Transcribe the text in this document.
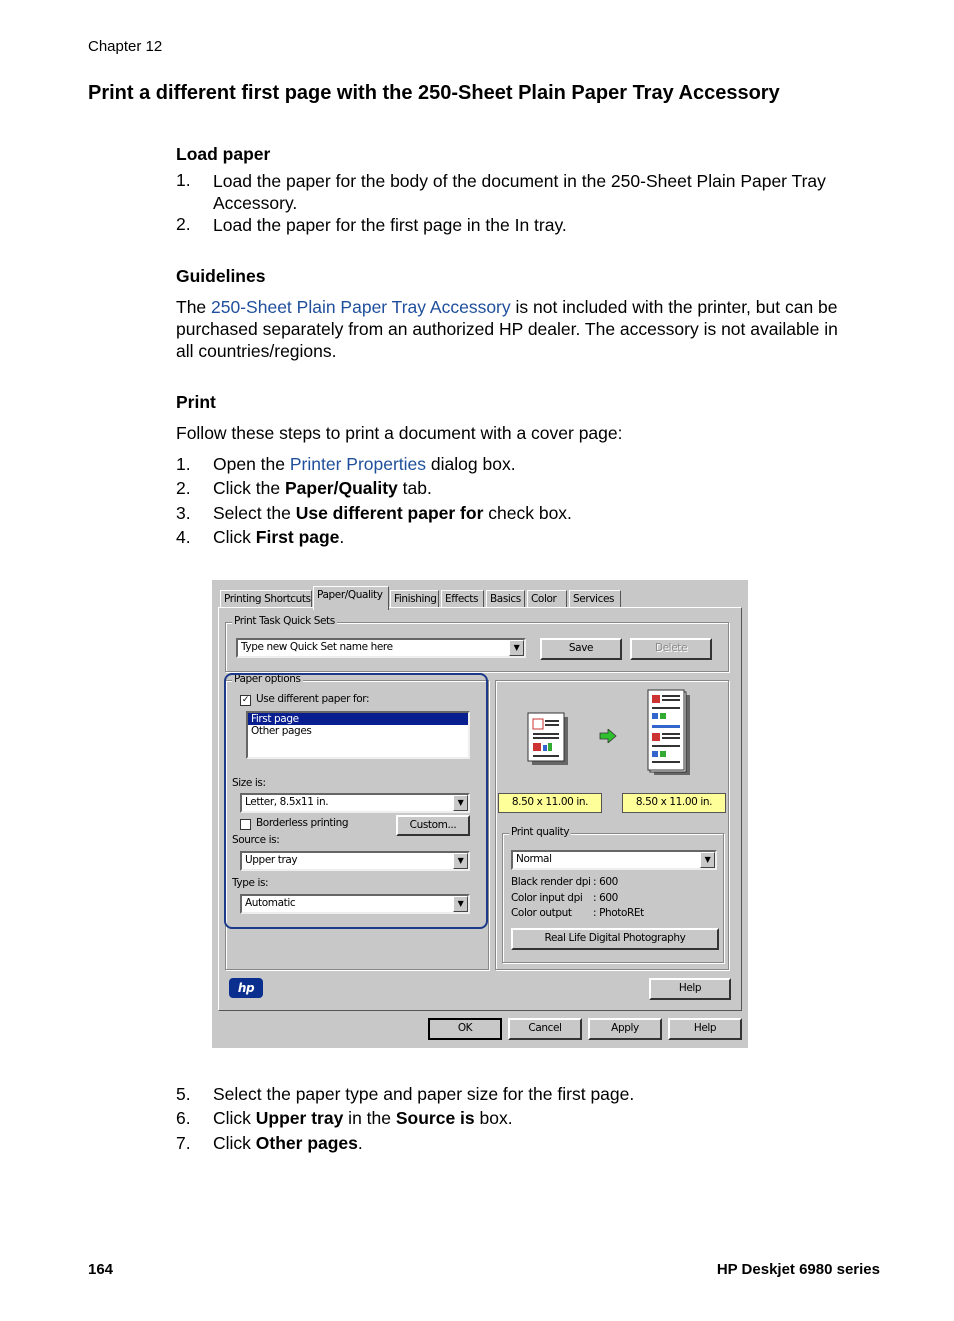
Chapter 12
Print a different first page with the 250-Sheet Plain Paper Tray Accessory
Load paper
1. Load the paper for the body of the document in the 250-Sheet Plain Paper Tray
Accessory.
2. Load the paper for the first page in the In tray.
Guidelines
The 250-Sheet Plain Paper Tray Accessory is not included with the printer, but can be
purchased separately from an authorized HP dealer. The accessory is not available in
all countries/regions.
Print
Follow these steps to print a document with a cover page:
1. Open the Printer Properties dialog box.
2. Click the Paper/Quality tab.
3. Select the Use different paper for check box.
4. Click First page.
Printing Shortcuts Paper/Quality	Finishing Effects	Basics Color	Services
Print Task Quick Sets
Type new Quick Set name here	▼	Save	Delete
Paper options
✓ Use different paper for:
First page
Other pages
Size is:
Letter, 8.5x11 in.	▼
Borderless printing	Custom...
Source is:
Upper tray	▼
Type is:
Automatic	▼
8.50 x 11.00 in.	8.50 x 11.00 in.
Print quality
Normal	▼
Black render dpi : 600
Color input dpi : 600
Color output : PhotoREt
Real Life Digital Photography
hp	Help
OK	Cancel	Apply	Help
5. Select the paper type and paper size for the first page.
6. Click Upper tray in the Source is box.
7. Click Other pages.
164	HP Deskjet 6980 series
